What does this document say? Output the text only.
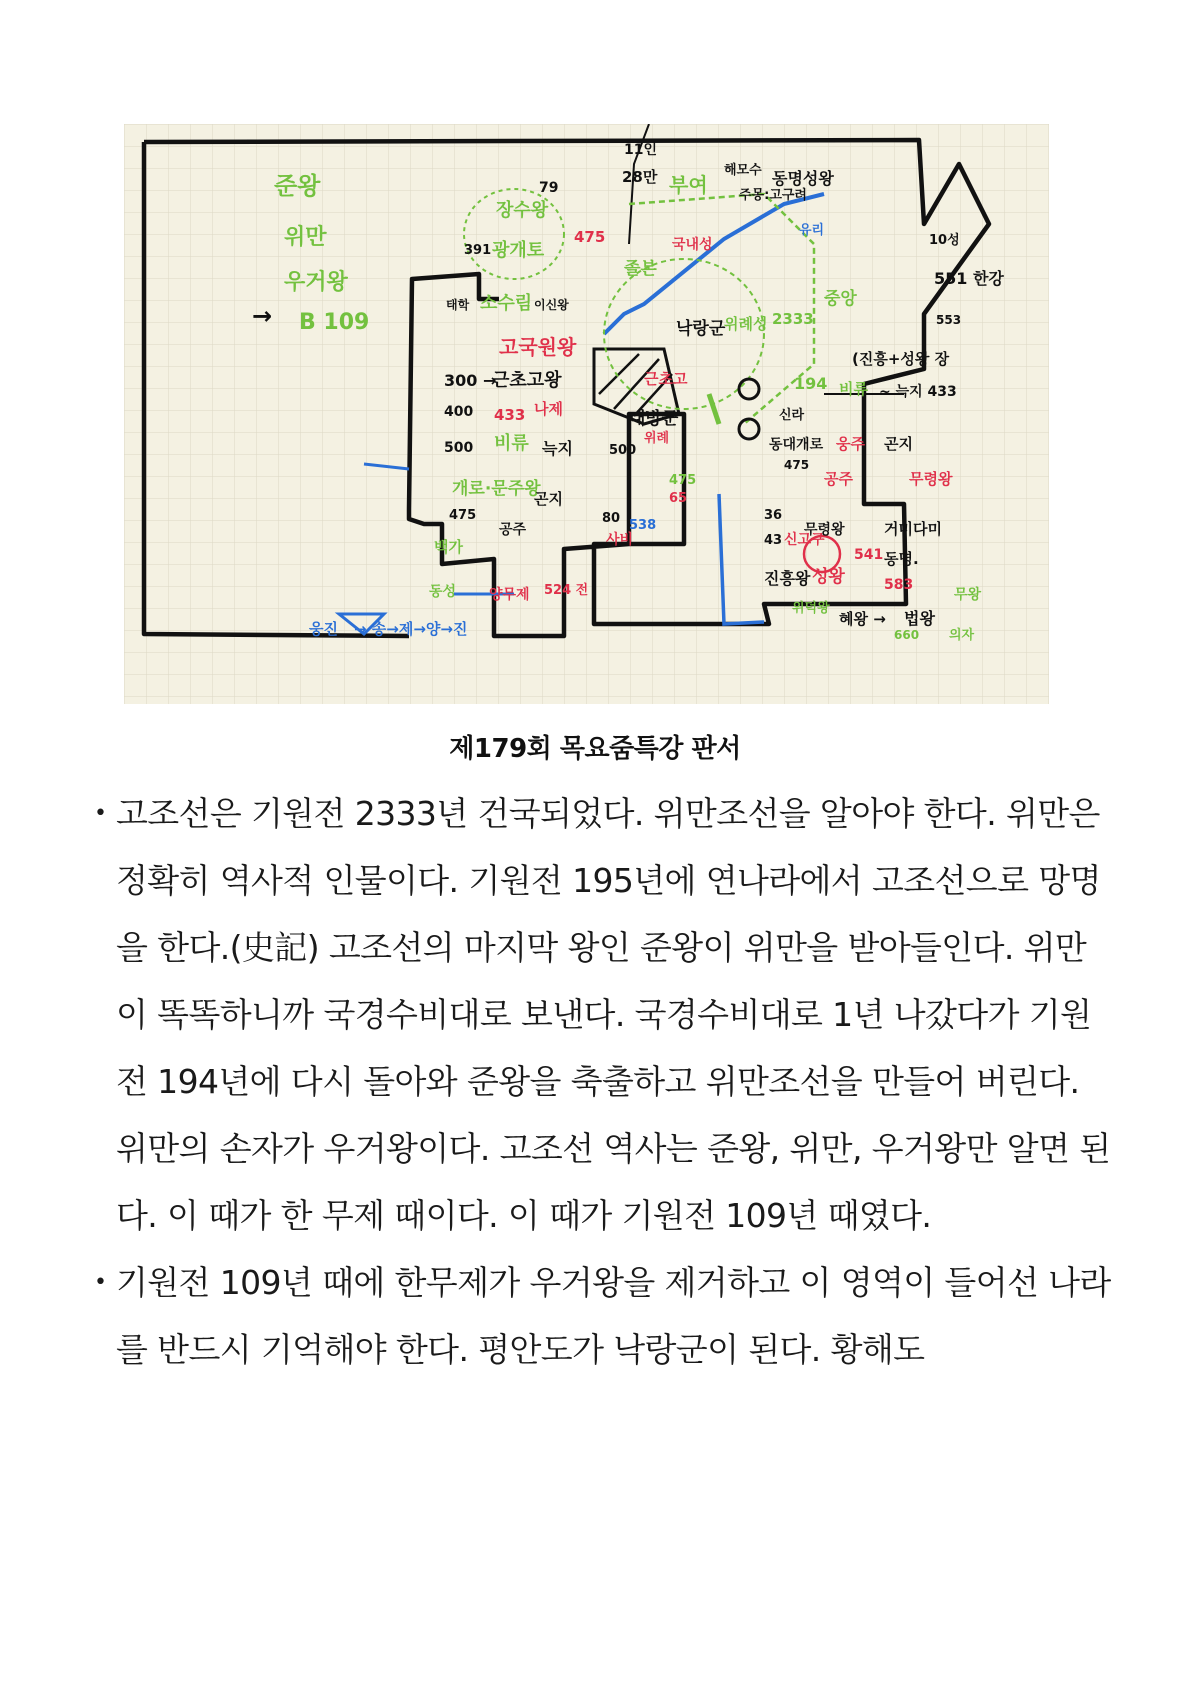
준왕
위만
우거왕
B 109
→
79
장수왕
475
391 광개토
소수림
태학	이신왕
고국원왕
300 →
근초고왕
400 433 나제
500 비류 늑지
개로·문주왕
곤지
475
공주
11인
28만 부여
해모수
주몽:고구려
동명성왕
유리
졸본
국내성
낙랑군
위례성 2333
중앙
근초고
대방군
위례
475
65
500
80 538
사비
10성
551 한강
553
(진흥+성왕 장
194 비류 ~ 늑지 433
신라
동대개로 웅주 곤지
475
공주	무령왕
무령왕	거미다미
541 동명.
성왕	583
위덕왕
혜왕 → 법왕
무왕
의자
660
36
43 신고구
진흥왕
백가
동성 양무제 524 전
웅진 → 송→제→양→진
제179회 목요줌특강 판서
• 고조선은 기원전 2333년 건국되었다. 위만조선을 알아야 한다. 위만은 정확히 역사적 인물이다. 기원전 195년에 연나라에서 고조선으로 망명을 한다.(史記) 고조선의 마지막 왕인 준왕이 위만을 받아들인다. 위만이 똑똑하니까 국경수비대로 보낸다. 국경수비대로 1년 나갔다가 기원전 194년에 다시 돌아와 준왕을 축출하고 위만조선을 만들어 버린다. 위만의 손자가 우거왕이다. 고조선 역사는 준왕, 위만, 우거왕만 알면 된다. 이 때가 한 무제 때이다. 이 때가 기원전 109년 때였다.
• 기원전 109년 때에 한무제가 우거왕을 제거하고 이 영역이 들어선 나라를 반드시 기억해야 한다. 평안도가 낙랑군이 된다. 황해도
